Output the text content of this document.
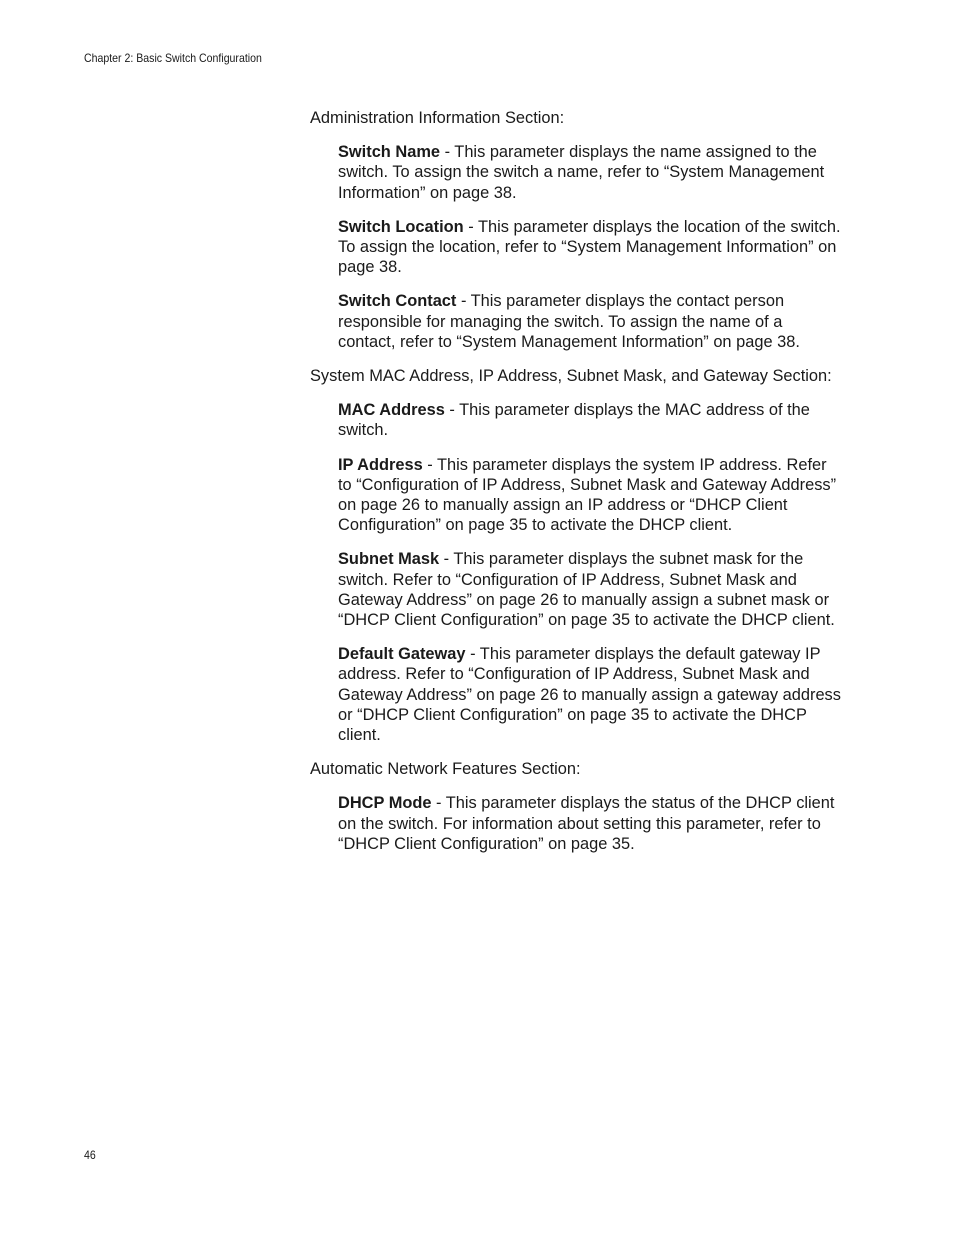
Chapter 2: Basic Switch Configuration

Administration Information Section:

Switch Name - This parameter displays the name assigned to the switch. To assign the switch a name, refer to “System Management Information” on page 38.

Switch Location - This parameter displays the location of the switch. To assign the location, refer to “System Management Information” on page 38.

Switch Contact - This parameter displays the contact person responsible for managing the switch. To assign the name of a contact, refer to “System Management Information” on page 38.

System MAC Address, IP Address, Subnet Mask, and Gateway Section:

MAC Address - This parameter displays the MAC address of the switch.

IP Address - This parameter displays the system IP address. Refer to “Configuration of IP Address, Subnet Mask and Gateway Address” on page 26 to manually assign an IP address or “DHCP Client Configuration” on page 35 to activate the DHCP client.

Subnet Mask - This parameter displays the subnet mask for the switch. Refer to “Configuration of IP Address, Subnet Mask and Gateway Address” on page 26 to manually assign a subnet mask or “DHCP Client Configuration” on page 35 to activate the DHCP client.

Default Gateway - This parameter displays the default gateway IP address. Refer to “Configuration of IP Address, Subnet Mask and Gateway Address” on page 26 to manually assign a gateway address or “DHCP Client Configuration” on page 35 to activate the DHCP client.

Automatic Network Features Section:

DHCP Mode - This parameter displays the status of the DHCP client on the switch. For information about setting this parameter, refer to “DHCP Client Configuration” on page 35.

46
